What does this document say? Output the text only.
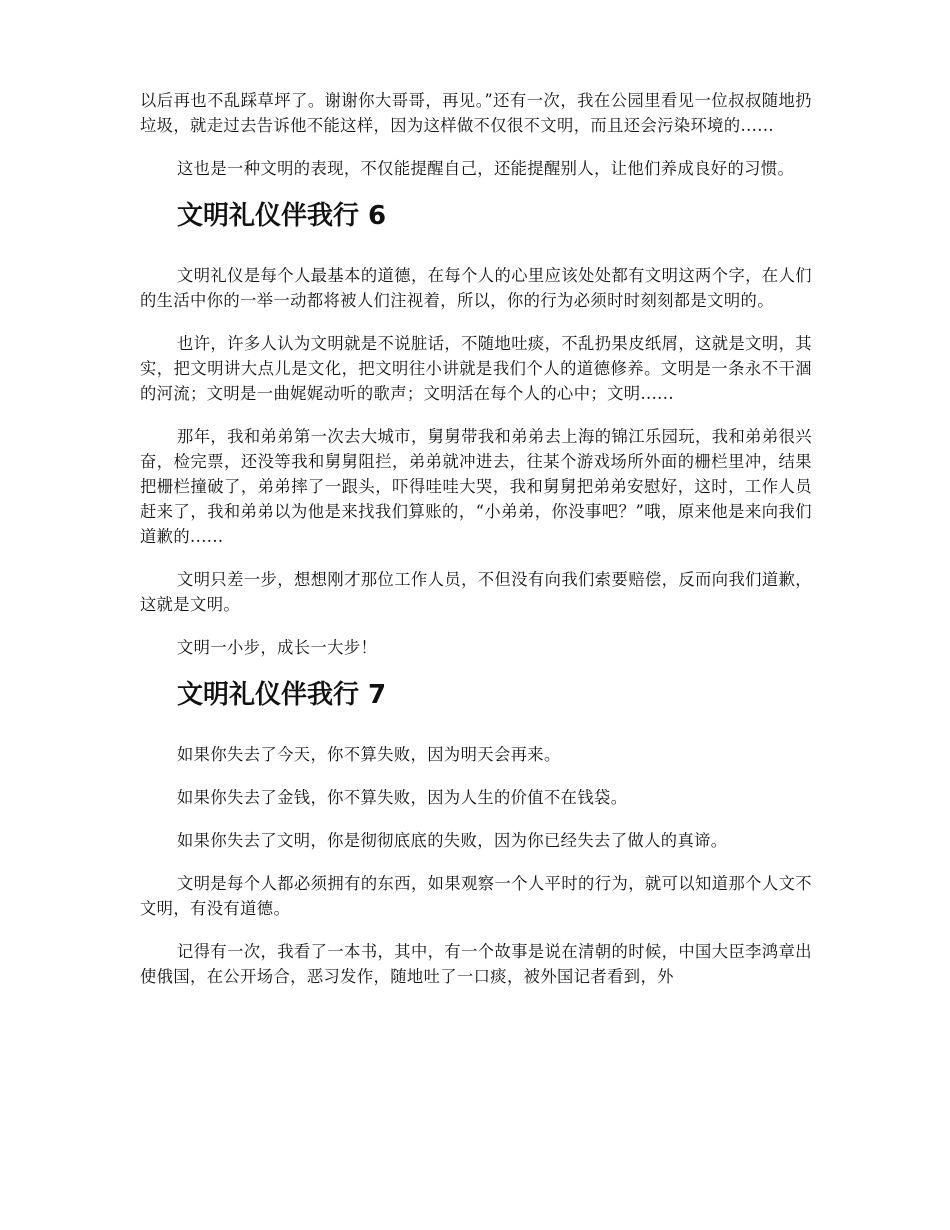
以后再也不乱踩草坪了。谢谢你大哥哥，再见。”还有一次，我在公园里看见一位叔叔随地扔垃圾，就走过去告诉他不能这样，因为这样做不仅很不文明，而且还会污染环境的......

这也是一种文明的表现，不仅能提醒自己，还能提醒别人，让他们养成良好的习惯。

文明礼仪伴我行 6

文明礼仪是每个人最基本的道德，在每个人的心里应该处处都有文明这两个字，在人们的生活中你的一举一动都将被人们注视着，所以，你的行为必须时时刻刻都是文明的。

也许，许多人认为文明就是不说脏话，不随地吐痰，不乱扔果皮纸屑，这就是文明，其实，把文明讲大点儿是文化，把文明往小讲就是我们个人的道德修养。文明是一条永不干涸的河流；文明是一曲娓娓动听的歌声；文明活在每个人的心中；文明......

那年，我和弟弟第一次去大城市，舅舅带我和弟弟去上海的锦江乐园玩，我和弟弟很兴奋，检完票，还没等我和舅舅阻拦，弟弟就冲进去，往某个游戏场所外面的栅栏里冲，结果把栅栏撞破了，弟弟摔了一跟头，吓得哇哇大哭，我和舅舅把弟弟安慰好，这时，工作人员赶来了，我和弟弟以为他是来找我们算账的，“小弟弟，你没事吧？”哦，原来他是来向我们道歉的......

文明只差一步，想想刚才那位工作人员，不但没有向我们索要赔偿，反而向我们道歉，这就是文明。

文明一小步，成长一大步！

文明礼仪伴我行 7

如果你失去了今天，你不算失败，因为明天会再来。

如果你失去了金钱，你不算失败，因为人生的价值不在钱袋。

如果你失去了文明，你是彻彻底底的失败，因为你已经失去了做人的真谛。

文明是每个人都必须拥有的东西，如果观察一个人平时的行为，就可以知道那个人文不文明，有没有道德。

记得有一次，我看了一本书，其中，有一个故事是说在清朝的时候，中国大臣李鸿章出使俄国，在公开场合，恶习发作，随地吐了一口痰，被外国记者看到，外
